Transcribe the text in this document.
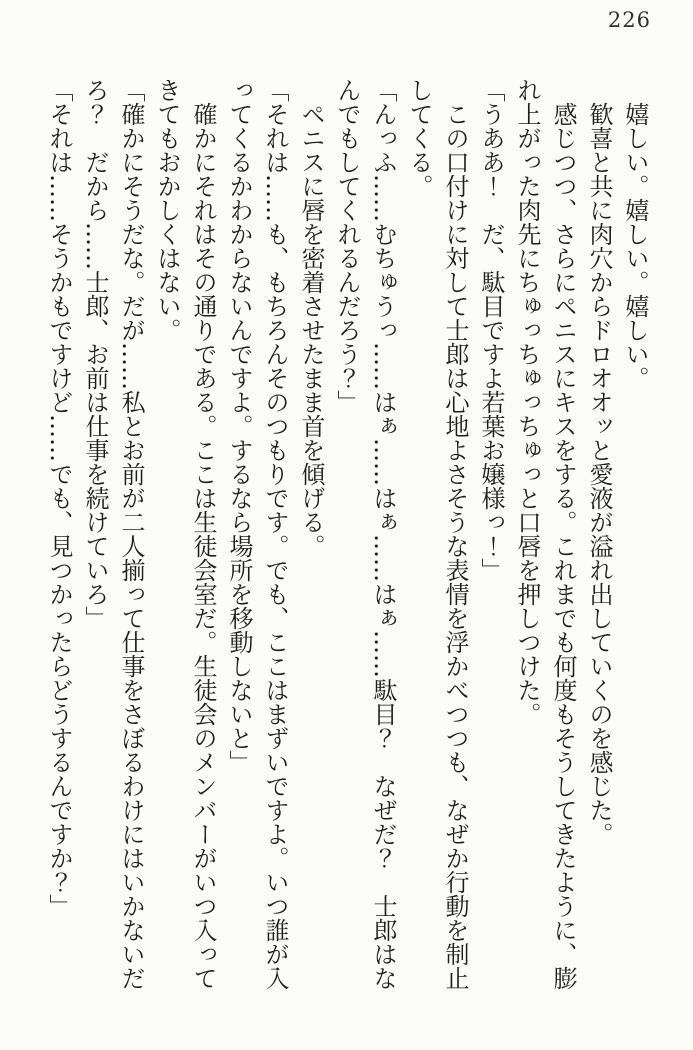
226

嬉しい。嬉しい。嬉しい。

歓喜と共に肉穴からドロオオッと愛液が溢れ出していくのを感じた。

感じつつ、さらにペニスにキスをする。これまでも何度もそうしてきたように、膨れ上がった肉先にちゅっちゅっちゅっと口唇を押しつけた。

「うああ！　だ、駄目ですよ若葉お嬢様っ！」

この口付けに対して士郎は心地よさそうな表情を浮かべつつも、なぜか行動を制止してくる。

「んっふ……むちゅうっ……はぁ……はぁ……はぁ……駄目？　なぜだ？　士郎はなんでもしてくれるんだろう？」

ペニスに唇を密着させたまま首を傾げる。

「それは……も、もちろんそのつもりです。でも、ここはまずいですよ。いつ誰が入ってくるかわからないんですよ。するなら場所を移動しないと」

確かにそれはその通りである。ここは生徒会室だ。生徒会のメンバーがいつ入ってきてもおかしくはない。

「確かにそうだな。だが……私とお前が二人揃って仕事をさぼるわけにはいかないだろ？　だから……士郎、お前は仕事を続けていろ」

「それは……そうかもですけど……でも、見つかったらどうするんですか？」
